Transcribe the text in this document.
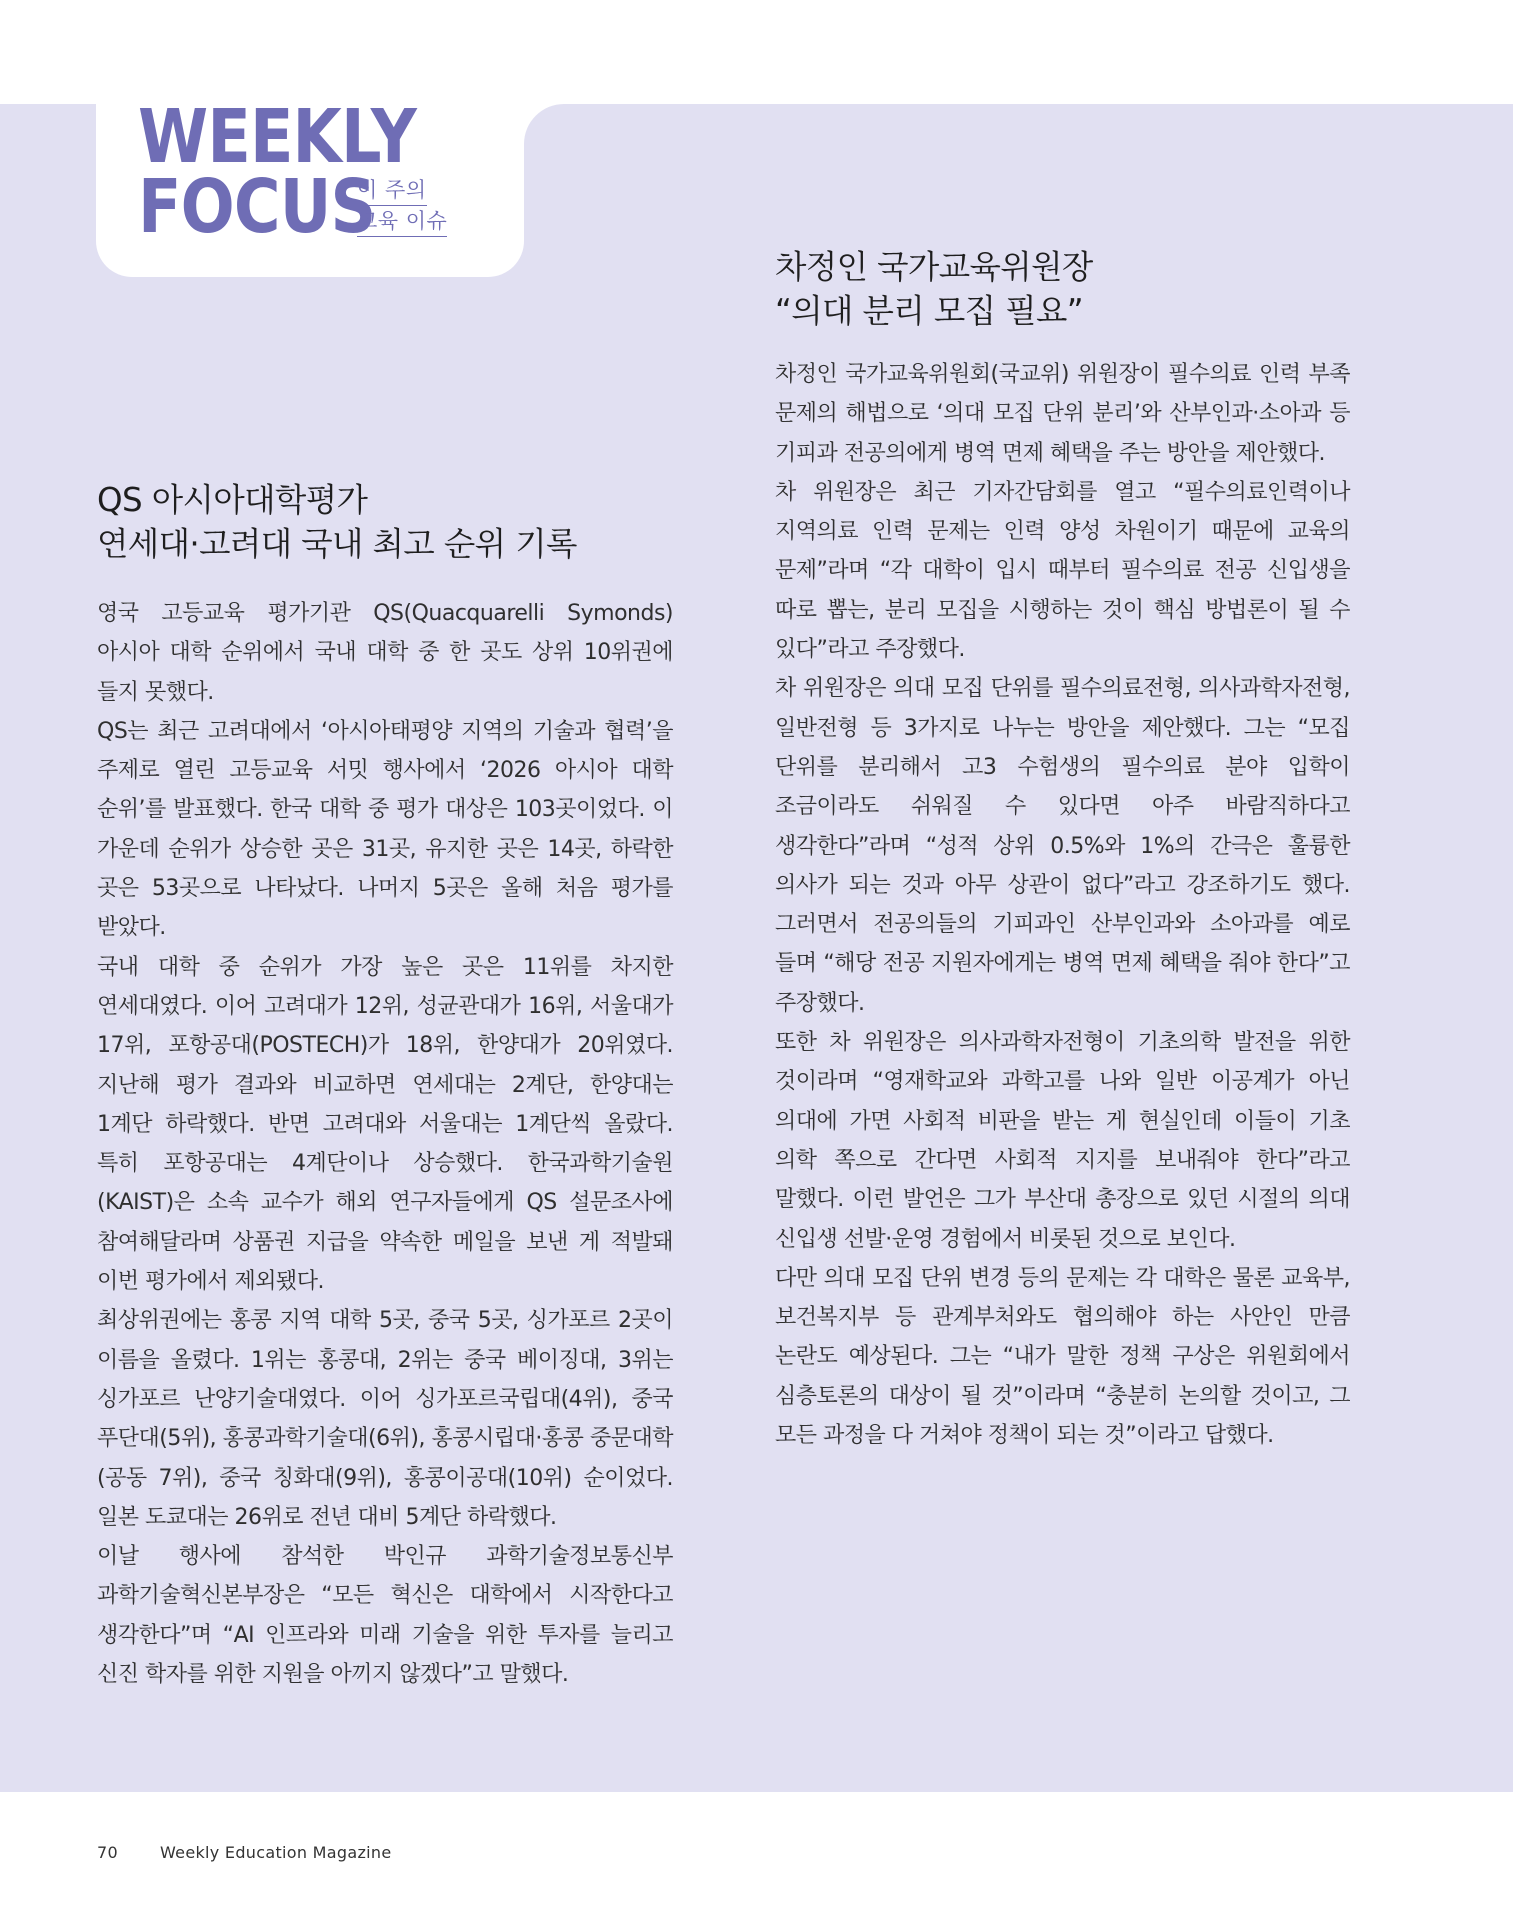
WEEKLY
FOCUS
이 주의
교육 이슈

QS 아시아대학평가

연세대·고려대 국내 최고 순위 기록

영국 고등교육 평가기관 QS(Quacquarelli Symonds) 아시아 대학 순위에서 국내 대학 중 한 곳도 상위 10위권에 들지 못했다.

QS는 최근 고려대에서 ‘아시아태평양 지역의 기술과 협력’을 주제로 열린 고등교육 서밋 행사에서 ‘2026 아시아 대학 순위’를 발표했다. 한국 대학 중 평가 대상은 103곳이었다. 이 가운데 순위가 상승한 곳은 31곳, 유지한 곳은 14곳, 하락한 곳은 53곳으로 나타났다. 나머지 5곳은 올해 처음 평가를 받았다.

국내 대학 중 순위가 가장 높은 곳은 11위를 차지한 연세대였다. 이어 고려대가 12위, 성균관대가 16위, 서울대가 17위, 포항공대(POSTECH)가 18위, 한양대가 20위였다. 지난해 평가 결과와 비교하면 연세대는 2계단, 한양대는 1계단 하락했다. 반면 고려대와 서울대는 1계단씩 올랐다. 특히 포항공대는 4계단이나 상승했다. 한국과학기술원(KAIST)은 소속 교수가 해외 연구자들에게 QS 설문조사에 참여해달라며 상품권 지급을 약속한 메일을 보낸 게 적발돼 이번 평가에서 제외됐다.

최상위권에는 홍콩 지역 대학 5곳, 중국 5곳, 싱가포르 2곳이 이름을 올렸다. 1위는 홍콩대, 2위는 중국 베이징대, 3위는 싱가포르 난양기술대였다. 이어 싱가포르국립대(4위), 중국 푸단대(5위), 홍콩과학기술대(6위), 홍콩시립대·홍콩 중문대학(공동 7위), 중국 칭화대(9위), 홍콩이공대(10위) 순이었다. 일본 도쿄대는 26위로 전년 대비 5계단 하락했다.

이날 행사에 참석한 박인규 과학기술정보통신부 과학기술혁신본부장은 “모든 혁신은 대학에서 시작한다고 생각한다”며 “AI 인프라와 미래 기술을 위한 투자를 늘리고 신진 학자를 위한 지원을 아끼지 않겠다”고 말했다.

차정인 국가교육위원장

“의대 분리 모집 필요”

차정인 국가교육위원회(국교위) 위원장이 필수의료 인력 부족 문제의 해법으로 ‘의대 모집 단위 분리’와 산부인과·소아과 등 기피과 전공의에게 병역 면제 혜택을 주는 방안을 제안했다.

차 위원장은 최근 기자간담회를 열고 “필수의료인력이나 지역의료 인력 문제는 인력 양성 차원이기 때문에 교육의 문제”라며 “각 대학이 입시 때부터 필수의료 전공 신입생을 따로 뽑는, 분리 모집을 시행하는 것이 핵심 방법론이 될 수 있다”라고 주장했다.

차 위원장은 의대 모집 단위를 필수의료전형, 의사과학자전형, 일반전형 등 3가지로 나누는 방안을 제안했다. 그는 “모집 단위를 분리해서 고3 수험생의 필수의료 분야 입학이 조금이라도 쉬워질 수 있다면 아주 바람직하다고 생각한다”라며 “성적 상위 0.5%와 1%의 간극은 훌륭한 의사가 되는 것과 아무 상관이 없다”라고 강조하기도 했다. 그러면서 전공의들의 기피과인 산부인과와 소아과를 예로 들며 “해당 전공 지원자에게는 병역 면제 혜택을 줘야 한다”고 주장했다.

또한 차 위원장은 의사과학자전형이 기초의학 발전을 위한 것이라며 “영재학교와 과학고를 나와 일반 이공계가 아닌 의대에 가면 사회적 비판을 받는 게 현실인데 이들이 기초 의학 쪽으로 간다면 사회적 지지를 보내줘야 한다”라고 말했다. 이런 발언은 그가 부산대 총장으로 있던 시절의 의대 신입생 선발·운영 경험에서 비롯된 것으로 보인다.

다만 의대 모집 단위 변경 등의 문제는 각 대학은 물론 교육부, 보건복지부 등 관계부처와도 협의해야 하는 사안인 만큼 논란도 예상된다. 그는 “내가 말한 정책 구상은 위원회에서 심층토론의 대상이 될 것”이라며 “충분히 논의할 것이고, 그 모든 과정을 다 거쳐야 정책이 되는 것”이라고 답했다.

70	Weekly Education Magazine
